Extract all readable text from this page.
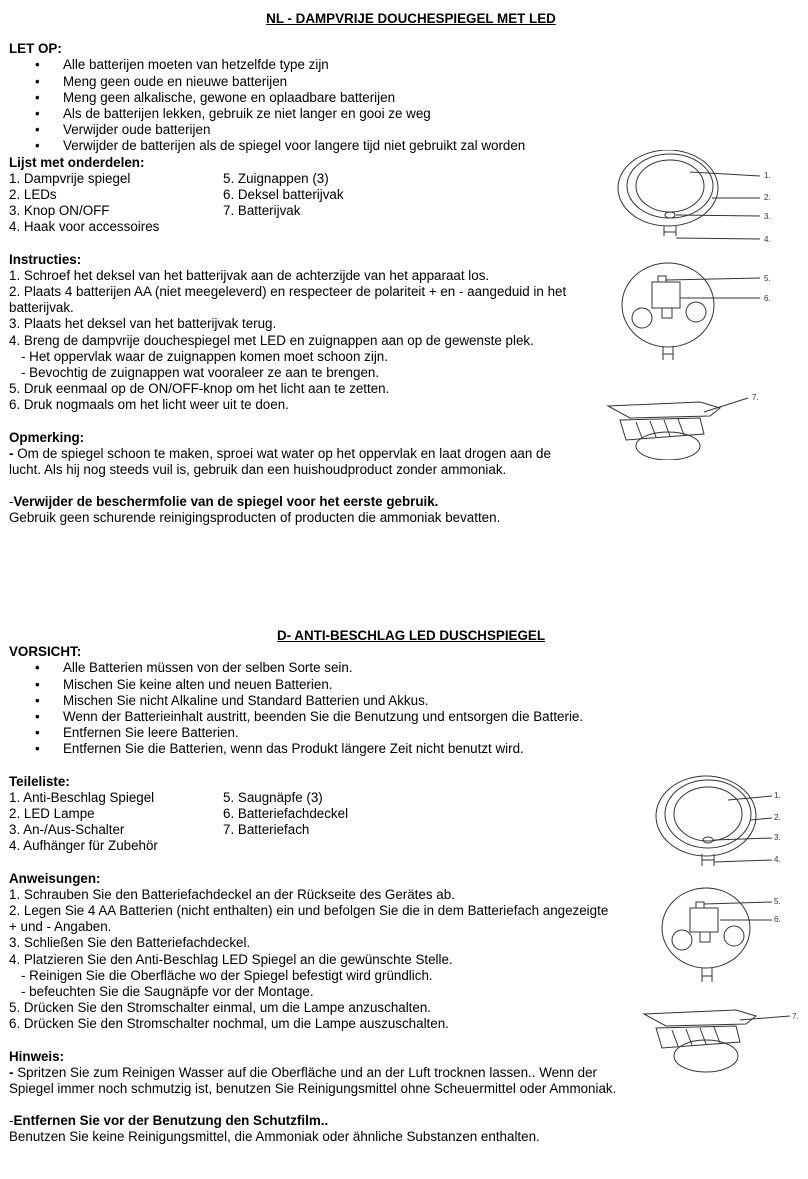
NL - DAMPVRIJE DOUCHESPIEGEL MET LED

LET OP:

• Alle batterijen moeten van hetzelfde type zijn
• Meng geen oude en nieuwe batterijen
• Meng geen alkalische, gewone en oplaadbare batterijen
• Als de batterijen lekken, gebruik ze niet langer en gooi ze weg
• Verwijder oude batterijen
• Verwijder de batterijen als de spiegel voor langere tijd niet gebruikt zal worden

Lijst met onderdelen:

1. Dampvrije spiegel
2. LEDs
3. Knop ON/OFF
4. Haak voor accessoires
5. Zuignappen (3)
6. Deksel batterijvak
7. Batterijvak

Instructies:

1. Schroef het deksel van het batterijvak aan de achterzijde van het apparaat los.

2. Plaats 4 batterijen AA (niet meegeleverd) en respecteer de polariteit + en - aangeduid in het batterijvak.

3. Plaats het deksel van het batterijvak terug.

4. Breng de dampvrije douchespiegel met LED en zuignappen aan op de gewenste plek.

- Het oppervlak waar de zuignappen komen moet schoon zijn.

- Bevochtig de zuignappen wat vooraleer ze aan te brengen.

5. Druk eenmaal op de ON/OFF-knop om het licht aan te zetten.

6. Druk nogmaals om het licht weer uit te doen.

Opmerking:

- Om de spiegel schoon te maken, sproei wat water op het oppervlak en laat drogen aan de lucht. Als hij nog steeds vuil is, gebruik dan een huishoudproduct zonder ammoniak.

-Verwijder de beschermfolie van de spiegel voor het eerste gebruik.

Gebruik geen schurende reinigingsproducten of producten die ammoniak bevatten.

D- ANTI-BESCHLAG LED DUSCHSPIEGEL

VORSICHT:

• Alle Batterien müssen von der selben Sorte sein.
• Mischen Sie keine alten und neuen Batterien.
• Mischen Sie nicht Alkaline und Standard Batterien und Akkus.
• Wenn der Batterieinhalt austritt, beenden Sie die Benutzung und entsorgen die Batterie.
• Entfernen Sie leere Batterien.
• Entfernen Sie die Batterien, wenn das Produkt längere Zeit nicht benutzt wird.

Teileliste:

1. Anti-Beschlag Spiegel
2. LED Lampe
3. An-/Aus-Schalter
4. Aufhänger für Zubehör
5. Saugnäpfe (3)
6. Batteriefachdeckel
7. Batteriefach

Anweisungen:

1. Schrauben Sie den Batteriefachdeckel an der Rückseite des Gerätes ab.

2. Legen Sie 4 AA Batterien (nicht enthalten) ein und befolgen Sie die in dem Batteriefach angezeigte + und - Angaben.

3. Schließen Sie den Batteriefachdeckel.

4. Platzieren Sie den Anti-Beschlag LED Spiegel an die gewünschte Stelle.

- Reinigen Sie die Oberfläche wo der Spiegel befestigt wird gründlich.

- befeuchten Sie die Saugnäpfe vor der Montage.

5. Drücken Sie den Stromschalter einmal, um die Lampe anzuschalten.

6. Drücken Sie den Stromschalter nochmal, um die Lampe auszuschalten.

Hinweis:

- Spritzen Sie zum Reinigen Wasser auf die Oberfläche und an der Luft trocknen lassen.. Wenn der Spiegel immer noch schmutzig ist, benutzen Sie Reinigungsmittel ohne Scheuermittel oder Ammoniak.

-Entfernen Sie vor der Benutzung den Schutzfilm..

Benutzen Sie keine Reinigungsmittel, die Ammoniak oder ähnliche Substanzen enthalten.

1.
2.
3.
4.
5.
6.
7.
1.
2.
3.
4.
5.
6.
7.
